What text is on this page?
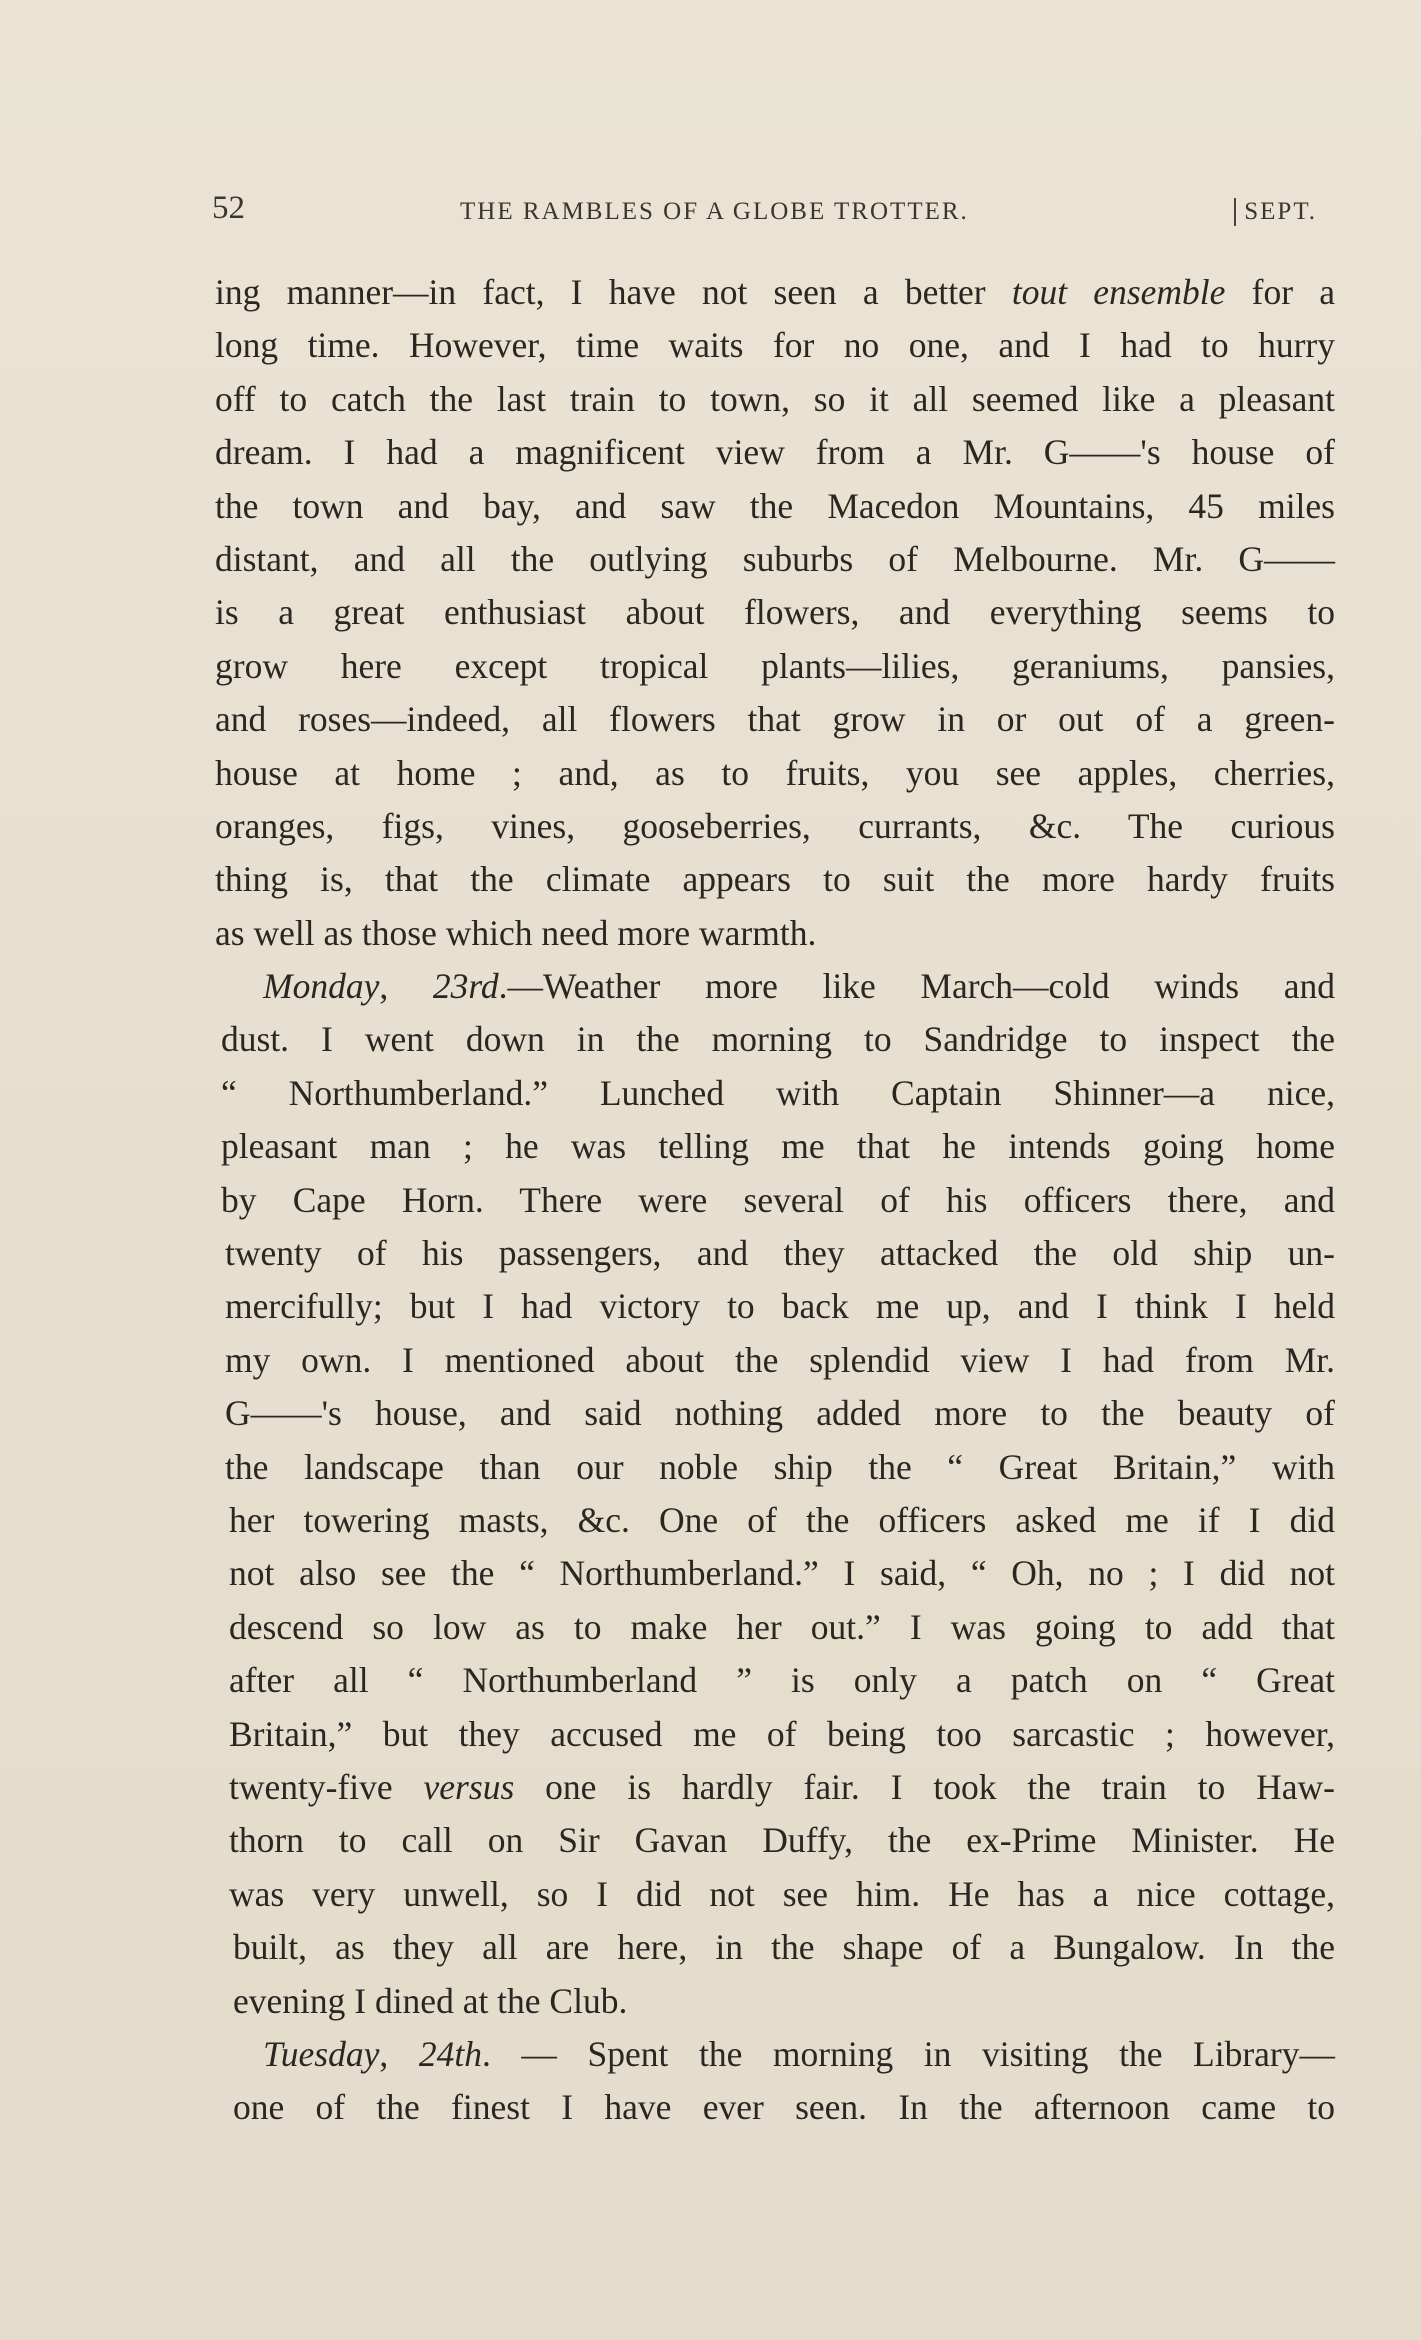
52	THE RAMBLES OF A GLOBE TROTTER.	SEPT.
ing manner—in fact, I have not seen a better tout ensemble for a
long time. However, time waits for no one, and I had to hurry
off to catch the last train to town, so it all seemed like a pleasant
dream. I had a magnificent view from a Mr. G——'s house of
the town and bay, and saw the Macedon Mountains, 45 miles
distant, and all the outlying suburbs of Melbourne. Mr. G——
is a great enthusiast about flowers, and everything seems to
grow here except tropical plants—lilies, geraniums, pansies,
and roses—indeed, all flowers that grow in or out of a green-
house at home ; and, as to fruits, you see apples, cherries,
oranges, figs, vines, gooseberries, currants, &c. The curious
thing is, that the climate appears to suit the more hardy fruits
as well as those which need more warmth.
Monday, 23rd.—Weather more like March—cold winds and
dust. I went down in the morning to Sandridge to inspect the
“ Northumberland.” Lunched with Captain Shinner—a nice,
pleasant man ; he was telling me that he intends going home
by Cape Horn. There were several of his officers there, and
twenty of his passengers, and they attacked the old ship un-
mercifully; but I had victory to back me up, and I think I held
my own. I mentioned about the splendid view I had from Mr.
G——'s house, and said nothing added more to the beauty of
the landscape than our noble ship the “ Great Britain,” with
her towering masts, &c. One of the officers asked me if I did
not also see the “ Northumberland.” I said, “ Oh, no ; I did not
descend so low as to make her out.” I was going to add that
after all “ Northumberland ” is only a patch on “ Great
Britain,” but they accused me of being too sarcastic ; however,
twenty-five versus one is hardly fair. I took the train to Haw-
thorn to call on Sir Gavan Duffy, the ex-Prime Minister. He
was very unwell, so I did not see him. He has a nice cottage,
built, as they all are here, in the shape of a Bungalow. In the
evening I dined at the Club.
Tuesday, 24th. — Spent the morning in visiting the Library—
one of the finest I have ever seen. In the afternoon came to
